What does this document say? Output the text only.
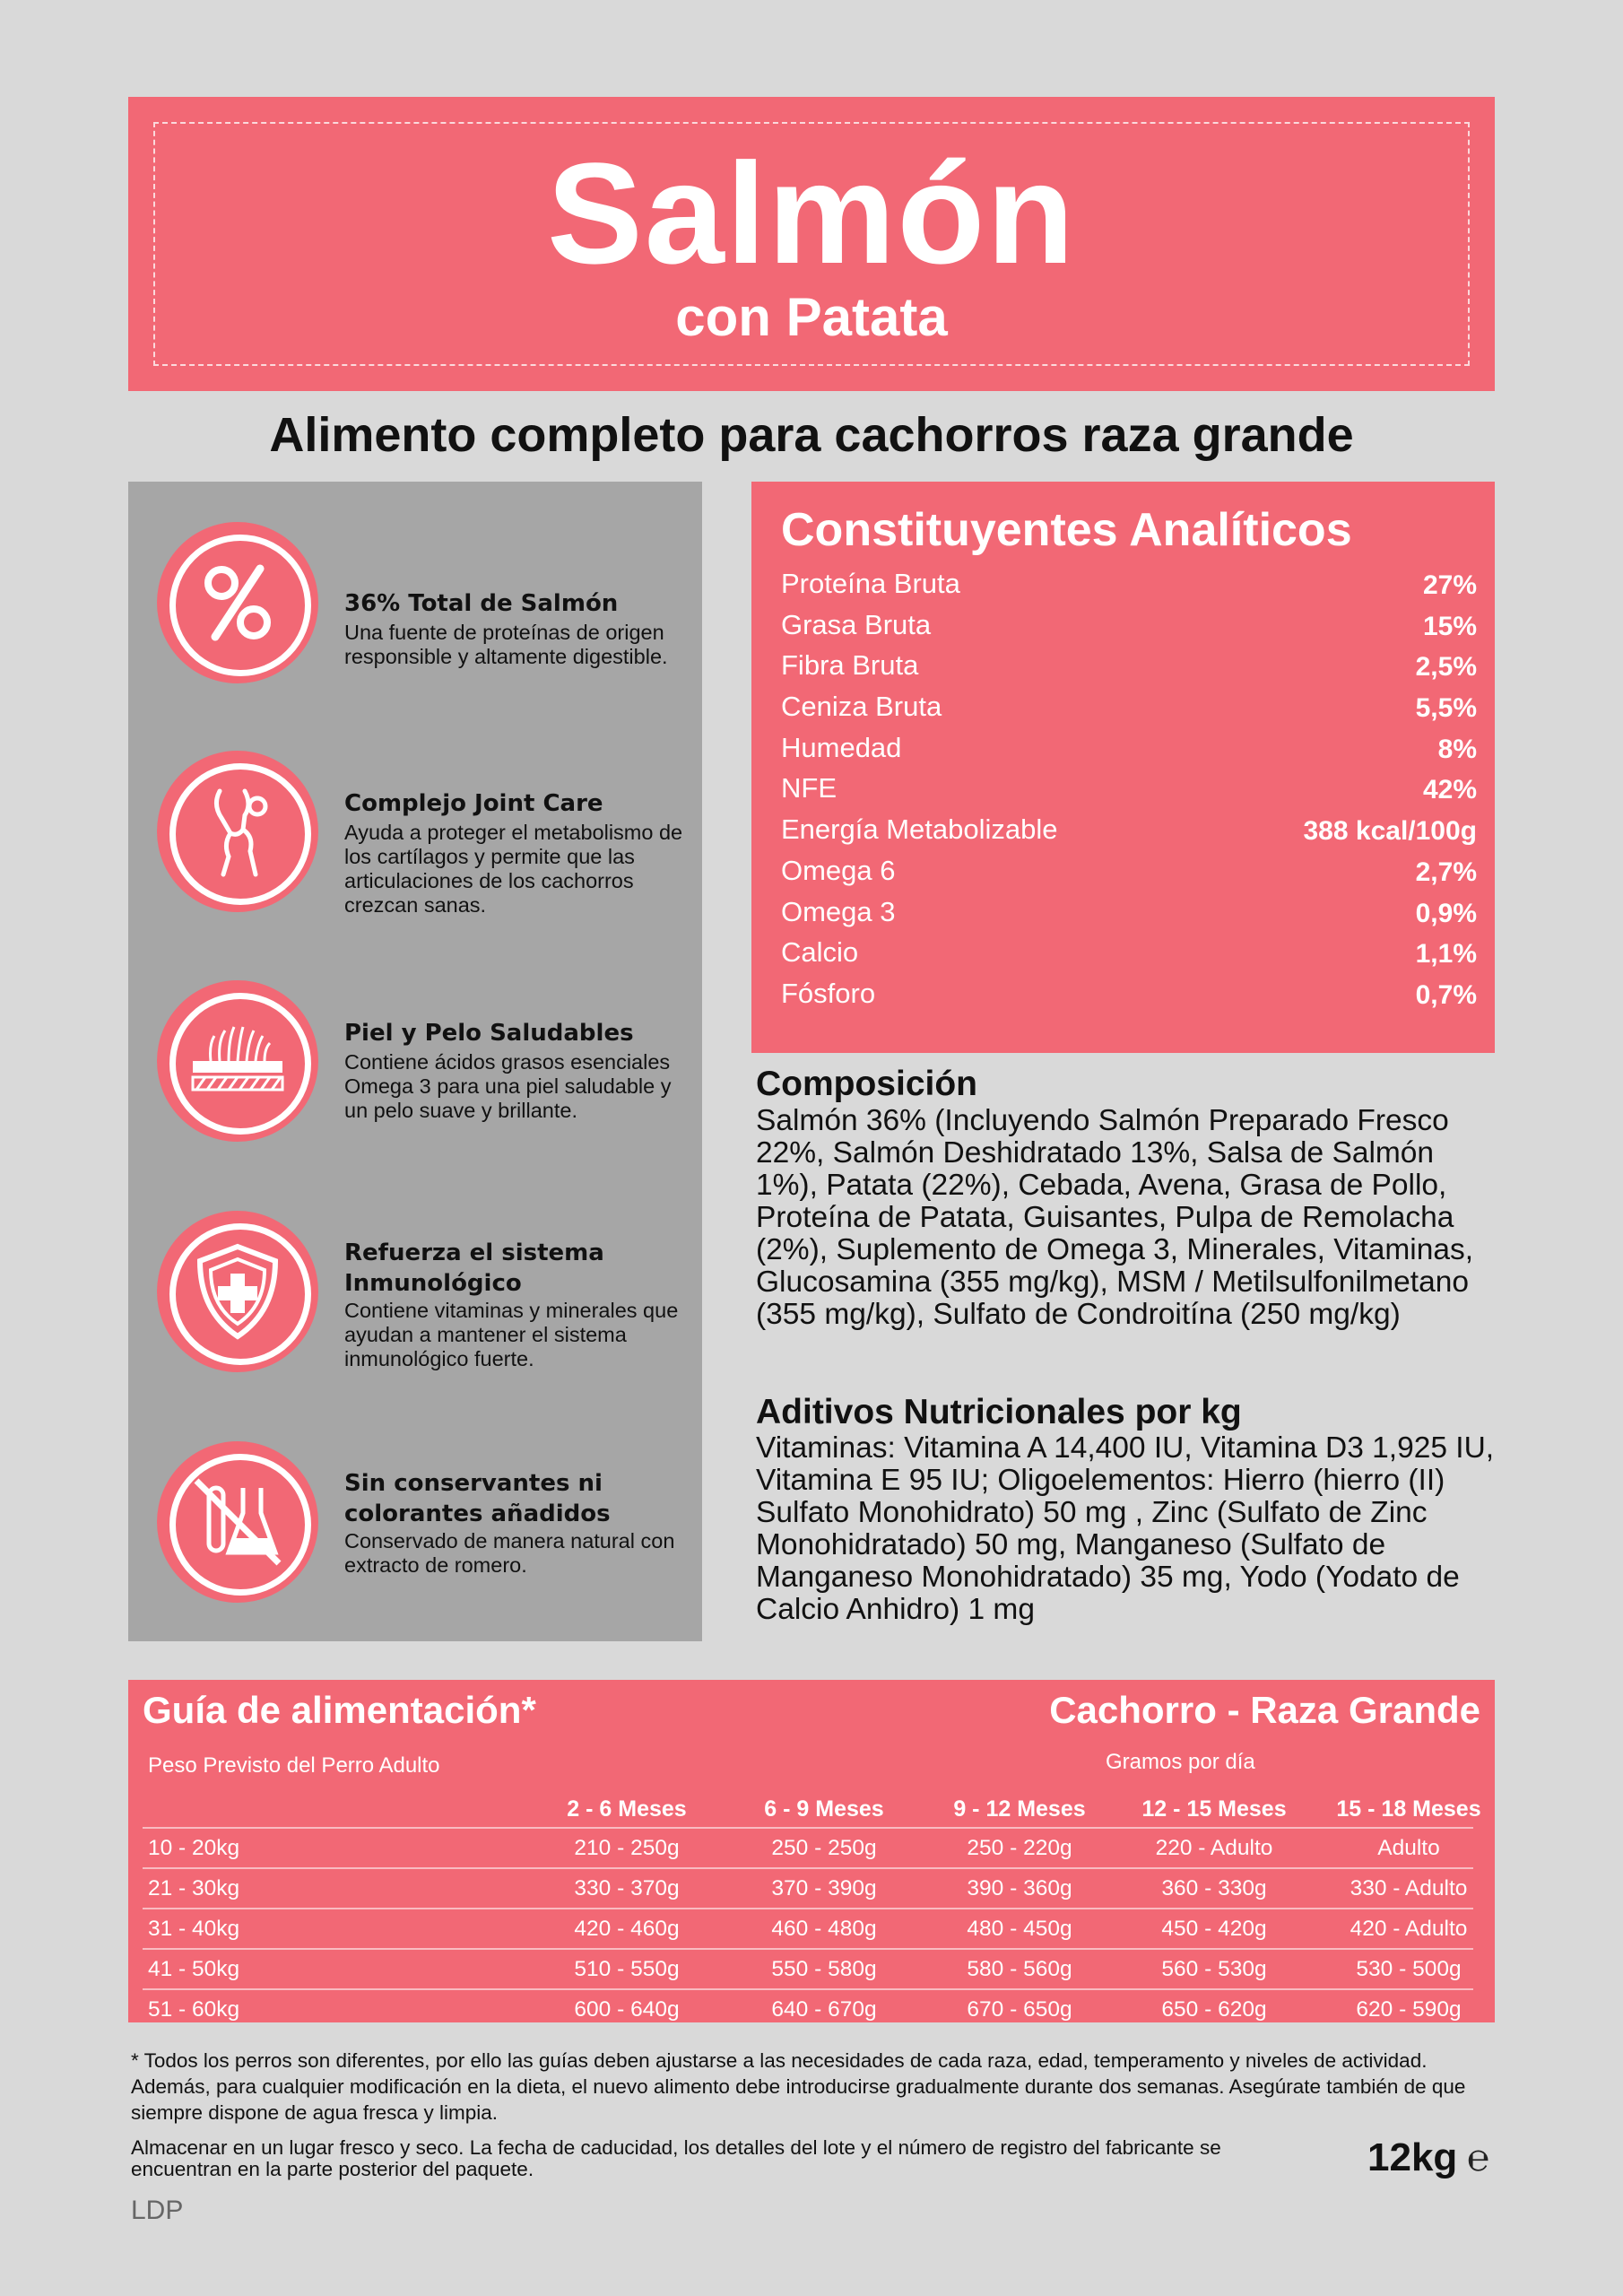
Salmón
con Patata
Alimento completo para cachorros raza grande
36% Total de Salmón
Una fuente de proteínas de origen responsible y altamente digestible.
Complejo Joint Care
Ayuda a proteger el metabolismo de los cartílagos y permite que las articulaciones de los cachorros crezcan sanas.
Piel y Pelo Saludables
Contiene ácidos grasos esenciales Omega 3 para una piel saludable y un pelo suave y brillante.
Refuerza el sistema Inmunológico
Contiene vitaminas y minerales que ayudan a mantener el sistema inmunológico fuerte.
Sin conservantes ni colorantes añadidos
Conservado de manera natural con extracto de romero.
Constituyentes Analíticos
Proteína Bruta	27%
Grasa Bruta	15%
Fibra Bruta	2,5%
Ceniza Bruta	5,5%
Humedad	8%
NFE	42%
Energía Metabolizable	388 kcal/100g
Omega 6	2,7%
Omega 3	0,9%
Calcio	1,1%
Fósforo	0,7%
Composición
Salmón 36% (Incluyendo Salmón Preparado Fresco 22%, Salmón Deshidratado 13%, Salsa de Salmón 1%), Patata (22%), Cebada, Avena, Grasa de Pollo, Proteína de Patata, Guisantes, Pulpa de Remolacha (2%), Suplemento de Omega 3, Minerales, Vitaminas, Glucosamina (355 mg/kg), MSM / Metilsulfonilmetano (355 mg/kg), Sulfato de Condroitína (250 mg/kg)
Aditivos Nutricionales por kg
Vitaminas: Vitamina A 14,400 IU, Vitamina D3 1,925 IU, Vitamina E 95 IU; Oligoelementos: Hierro (hierro (II) Sulfato Monohidrato) 50 mg , Zinc (Sulfato de Zinc Monohidratado) 50 mg, Manganeso (Sulfato de Manganeso Monohidratado) 35 mg, Yodo (Yodato de Calcio Anhidro) 1 mg
Guía de alimentación*	Cachorro - Raza Grande
Peso Previsto del Perro Adulto	Gramos por día
2 - 6 Meses	6 - 9 Meses	9 - 12 Meses	12 - 15 Meses	15 - 18 Meses
10 - 20kg	210 - 250g	250 - 250g	250 - 220g	220 - Adulto	Adulto
21 - 30kg	330 - 370g	370 - 390g	390 - 360g	360 - 330g	330 - Adulto
31 - 40kg	420 - 460g	460 - 480g	480 - 450g	450 - 420g	420 - Adulto
41 - 50kg	510 - 550g	550 - 580g	580 - 560g	560 - 530g	530 - 500g
51 - 60kg	600 - 640g	640 - 670g	670 - 650g	650 - 620g	620 - 590g
* Todos los perros son diferentes, por ello las guías deben ajustarse a las necesidades de cada raza, edad, temperamento y niveles de actividad. Además, para cualquier modificación en la dieta, el nuevo alimento debe introducirse gradualmente durante dos semanas. Asegúrate también de que siempre dispone de agua fresca y limpia.
Almacenar en un lugar fresco y seco. La fecha de caducidad, los detalles del lote y el número de registro del fabricante se encuentran en la parte posterior del paquete.	12kg ℮
LDP
